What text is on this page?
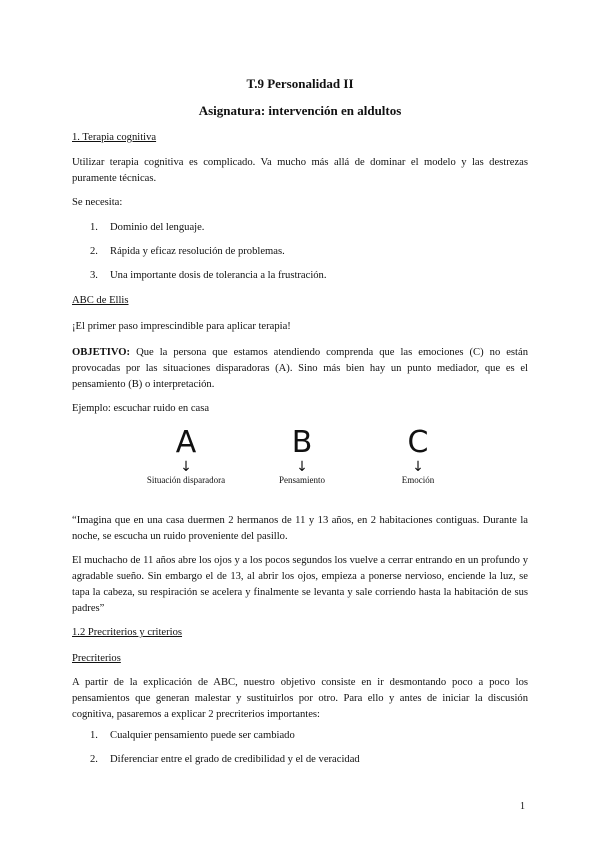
T.9 Personalidad II
Asignatura: intervención en aldultos
1. Terapia cognitiva
Utilizar terapia cognitiva es complicado. Va mucho más allá de dominar el modelo y las destrezas puramente técnicas.
Se necesita:
1. Dominio del lenguaje.
2. Rápida y eficaz resolución de problemas.
3. Una importante dosis de tolerancia a la frustración.
ABC de Ellis
¡El primer paso imprescindible para aplicar terapia!
OBJETIVO: Que la persona que estamos atendiendo comprenda que las emociones (C) no están provocadas por las situaciones disparadoras (A). Sino más bien hay un punto mediador, que es el pensamiento (B) o interpretación.
Ejemplo: escuchar ruido en casa
A
↓
Situación disparadora
B
↓
Pensamiento
C
↓
Emoción
“Imagina que en una casa duermen 2 hermanos de 11 y 13 años, en 2 habitaciones contiguas. Durante la noche, se escucha un ruido proveniente del pasillo.
El muchacho de 11 años abre los ojos y a los pocos segundos los vuelve a cerrar entrando en un profundo y agradable sueño. Sin embargo el de 13, al abrir los ojos, empieza a ponerse nervioso, enciende la luz, se tapa la cabeza, su respiración se acelera y finalmente se levanta y sale corriendo hasta la habitación de sus padres”
1.2 Precriterios y criterios
Precriterios
A partir de la explicación de ABC, nuestro objetivo consiste en ir desmontando poco a poco los pensamientos que generan malestar y sustituirlos por otro. Para ello y antes de iniciar la discusión cognitiva, pasaremos a explicar 2 precriterios importantes:
1. Cualquier pensamiento puede ser cambiado
2. Diferenciar entre el grado de credibilidad y el de veracidad
1
